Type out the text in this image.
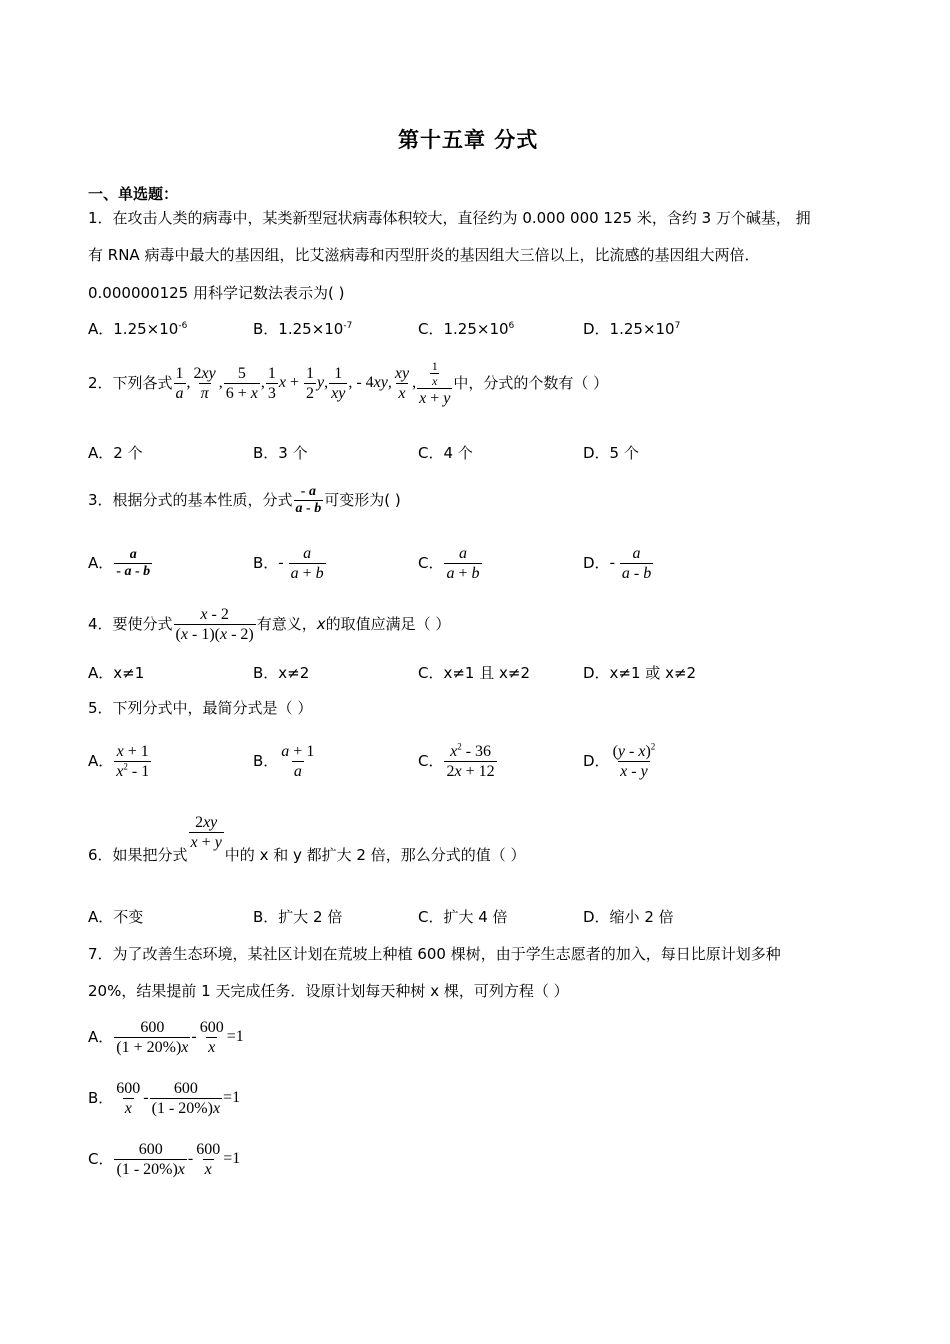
第十五章 分式
一、单选题：
1．在攻击人类的病毒中，某类新型冠状病毒体积较大，直径约为 0.000 000 125 米，含约 3 万个碱基， 拥
有 RNA 病毒中最大的基因组，比艾滋病毒和丙型肝炎的基因组大三倍以上，比流感的基因组大两倍．
0.000000125 用科学记数法表示为( )
A．$1.25\times 10^{-6}$	B．$1.25\times 10^{-7}$	C．$1.25\times 10^6$	D．$1.25\times 10^7$
2．下列各式 $\frac{1}{a}$ , $\frac{2xy}{\pi}$ , $\frac{5}{6 + x}$ , $\frac{1}{3}$ $x + \frac{1}{2}$ y , $\frac{1}{xy}$ , - 4 xy , $\frac{xy}{x}$ , $\frac{\frac{1}{x}}{x + y}$ 中，分式的个数有（ ）
A．2 个	B．3 个	C．4 个	D．5 个
3．根据分式的基本性质，分式 $\frac{- a}{a - b}$ 可变形为( )
A． $\frac{a}{- a - b}$	B． - $\frac{a}{a + b}$	C． $\frac{a}{a + b}$	D． - $\frac{a}{a - b}$
4．要使分式 $\frac{x - 2}{(x - 1)(x - 2)}$ 有意义， x 的取值应满足（ ）
A．x≠1	B．x≠2	C．x≠1 且 x≠2	D．x≠1 或 x≠2
5．下列分式中，最简分式是（ ）
A． $\frac{x + 1}{x^2 - 1}$	B． $\frac{a + 1}{a}$	C． $\frac{x^2 - 36}{2x + 12}$	D． $\frac{(y - x)^2}{x - y}$
6．如果把分式
$\frac{2xy}{x + y}$
中的 x 和 y 都扩大 2 倍，那么分式的值（ ）
A．不变	B．扩大 2 倍	C．扩大 4 倍	D．缩小 2 倍
7．为了改善生态环境，某社区计划在荒坡上种植 600 棵树，由于学生志愿者的加入，每日比原计划多种
20%，结果提前 1 天完成任务．设原计划每天种树 x 棵，可列方程（ ）
A． $\frac{600}{(1 + 20\%)x} - \frac{600}{x} =1$
B． $\frac{600}{x} - \frac{600}{(1 - 20\%)x} =1$
C． $\frac{600}{(1 - 20\%)x} - \frac{600}{x} =1$
